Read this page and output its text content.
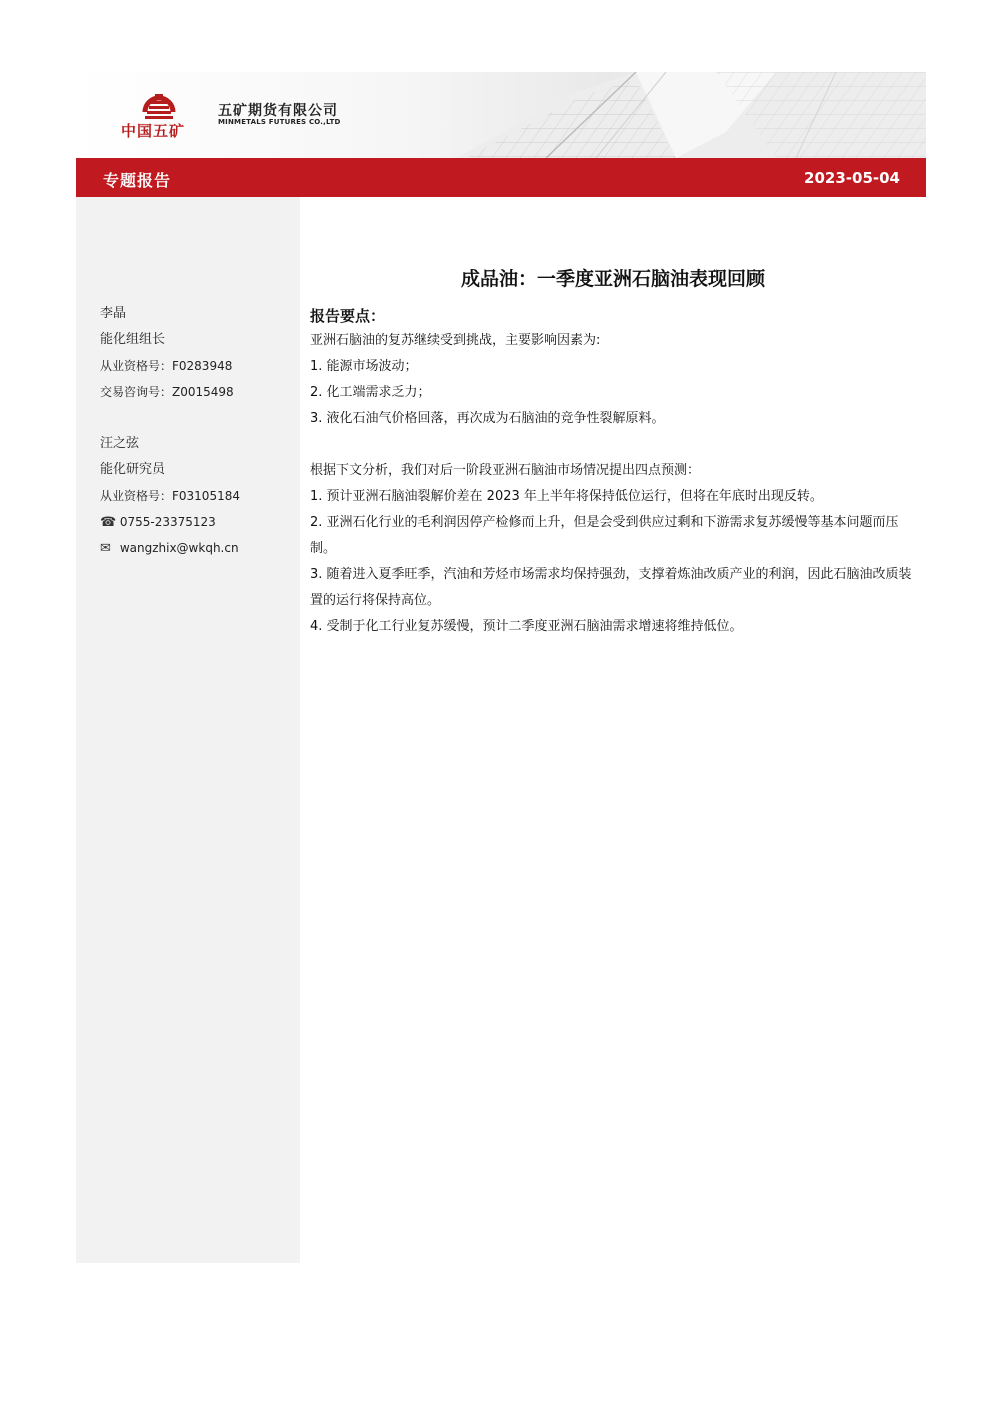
中国五矿
五矿期货有限公司
MINMETALS FUTURES CO.,LTD
专题报告	2023-05-04
李晶
能化组组长
从业资格号：F0283948
交易咨询号：Z0015498
汪之弦
能化研究员
从业资格号：F03105184
☎ 0755-23375123
✉ wangzhix@wkqh.cn
成品油：一季度亚洲石脑油表现回顾
报告要点：
亚洲石脑油的复苏继续受到挑战，主要影响因素为:
1. 能源市场波动；
2. 化工端需求乏力；
3. 液化石油气价格回落，再次成为石脑油的竞争性裂解原料。
根据下文分析，我们对后一阶段亚洲石脑油市场情况提出四点预测：
1. 预计亚洲石脑油裂解价差在 2023 年上半年将保持低位运行，但将在年底时出现反转。
2. 亚洲石化行业的毛利润因停产检修而上升，但是会受到供应过剩和下游需求复苏缓慢等基本问题而压制。
3. 随着进入夏季旺季，汽油和芳烃市场需求均保持强劲，支撑着炼油改质产业的利润，因此石脑油改质装置的运行将保持高位。
4. 受制于化工行业复苏缓慢，预计二季度亚洲石脑油需求增速将维持低位。
